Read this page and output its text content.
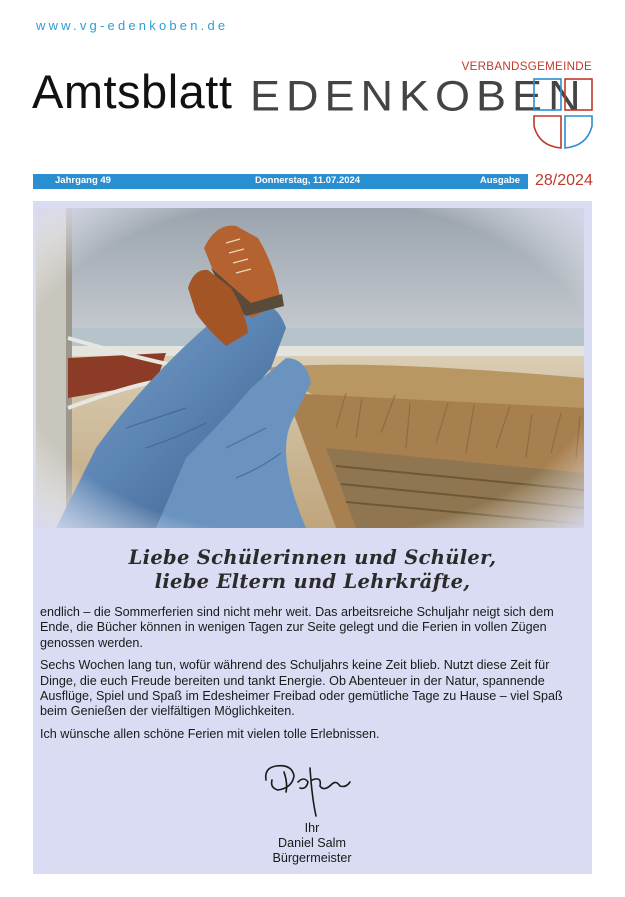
www.vg-edenkoben.de
Amtsblatt	VERBANDSGEMEINDE
EDENKOBEN
Jahrgang 49	Donnerstag, 11.07.2024	Ausgabe 28/2024
Liebe Schülerinnen und Schüler,
liebe Eltern und Lehrkräfte,

endlich – die Sommerferien sind nicht mehr weit. Das arbeitsreiche Schuljahr neigt sich dem Ende, die Bücher können in wenigen Tagen zur Seite gelegt und die Ferien in vollen Zügen genossen werden.

Sechs Wochen lang tun, wofür während des Schuljahrs keine Zeit blieb. Nutzt diese Zeit für Dinge, die euch Freude bereiten und tankt Energie. Ob Abenteuer in der Natur, spannende Ausflüge, Spiel und Spaß im Edesheimer Freibad oder gemütliche Tage zu Hause – viel Spaß beim Genießen der vielfältigen Möglichkeiten.

Ich wünsche allen schöne Ferien mit vielen tolle Erlebnissen.

Ihr
Daniel Salm
Bürgermeister
